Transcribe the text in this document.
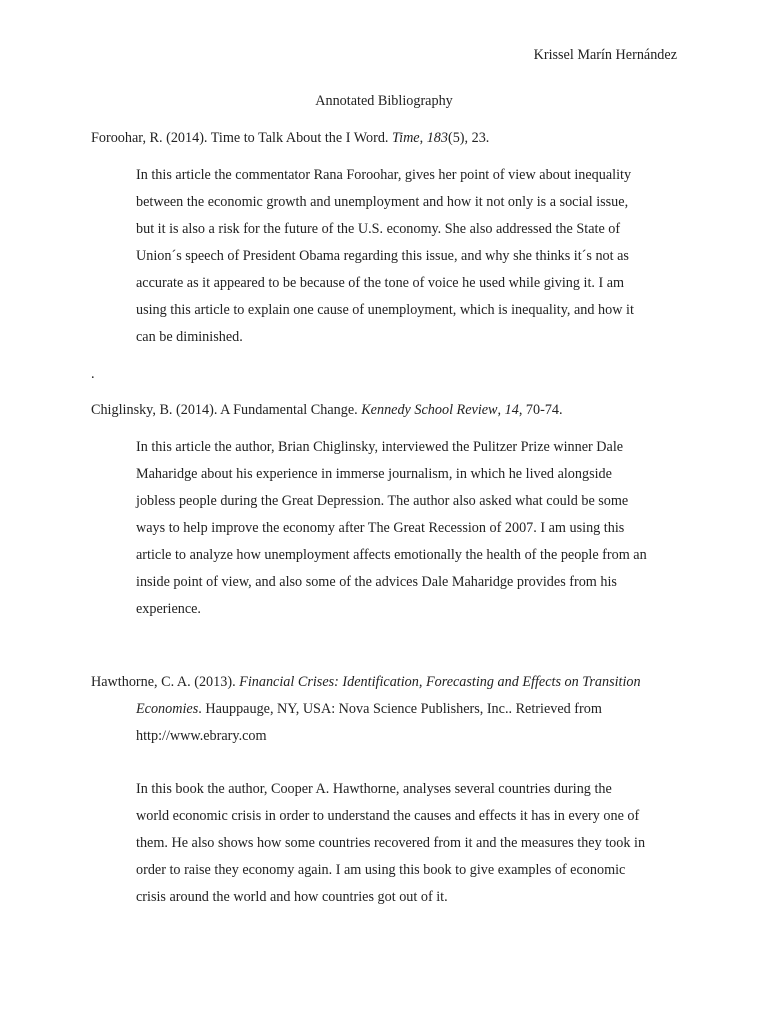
Krissel Marín Hernández
Annotated Bibliography
Foroohar, R. (2014). Time to Talk About the I Word. Time, 183(5), 23.
In this article the commentator Rana Foroohar, gives her point of view about inequality
between the economic growth and unemployment and how it not only is a social issue,
but it is also a risk for the future of the U.S. economy. She also addressed the State of
Union´s speech of President Obama regarding this issue, and why she thinks it´s not as
accurate as it appeared to be because of the tone of voice he used while giving it. I am
using this article to explain one cause of unemployment, which is inequality, and how it
can be diminished.
.
Chiglinsky, B. (2014). A Fundamental Change. Kennedy School Review, 14, 70-74.
In this article the author, Brian Chiglinsky, interviewed the Pulitzer Prize winner Dale
Maharidge about his experience in immerse journalism, in which he lived alongside
jobless people during the Great Depression. The author also asked what could be some
ways to help improve the economy after The Great Recession of 2007. I am using this
article to analyze how unemployment affects emotionally the health of the people from an
inside point of view, and also some of the advices Dale Maharidge provides from his
experience.
Hawthorne, C. A. (2013). Financial Crises: Identification, Forecasting and Effects on Transition
Economies. Hauppauge, NY, USA: Nova Science Publishers, Inc.. Retrieved from
http://www.ebrary.com
In this book the author, Cooper A. Hawthorne, analyses several countries during the
world economic crisis in order to understand the causes and effects it has in every one of
them. He also shows how some countries recovered from it and the measures they took in
order to raise they economy again. I am using this book to give examples of economic
crisis around the world and how countries got out of it.
